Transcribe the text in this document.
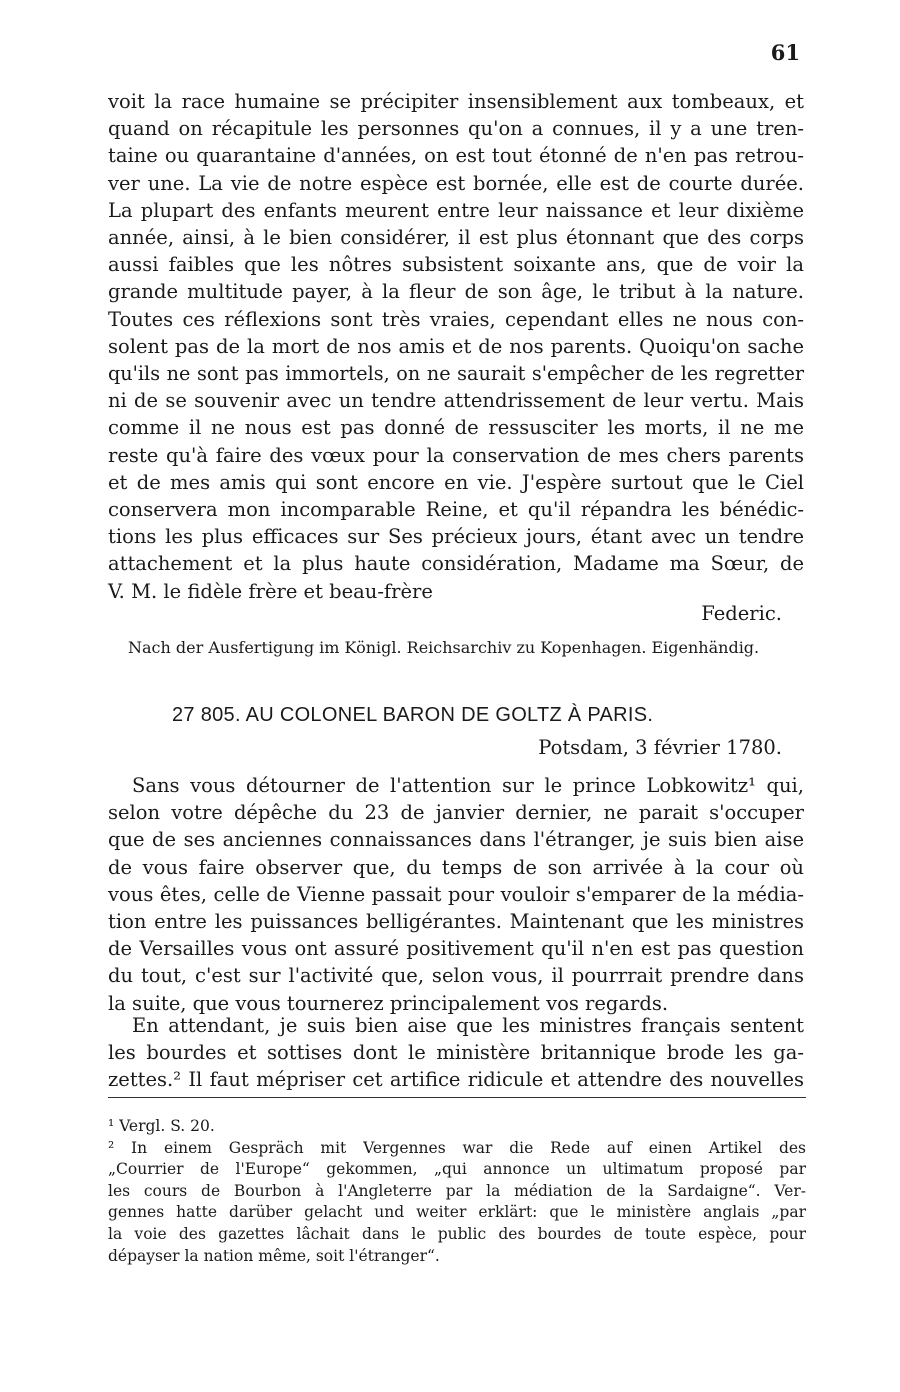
61
voit la race humaine se précipiter insensiblement aux tombeaux, et
quand on récapitule les personnes qu'on a connues, il y a une tren-
taine ou quarantaine d'années, on est tout étonné de n'en pas retrou-
ver une. La vie de notre espèce est bornée, elle est de courte durée.
La plupart des enfants meurent entre leur naissance et leur dixième
année, ainsi, à le bien considérer, il est plus étonnant que des corps
aussi faibles que les nôtres subsistent soixante ans, que de voir la
grande multitude payer, à la fleur de son âge, le tribut à la nature.
Toutes ces réflexions sont très vraies, cependant elles ne nous con-
solent pas de la mort de nos amis et de nos parents. Quoiqu'on sache
qu'ils ne sont pas immortels, on ne saurait s'empêcher de les regretter
ni de se souvenir avec un tendre attendrissement de leur vertu. Mais
comme il ne nous est pas donné de ressusciter les morts, il ne me
reste qu'à faire des vœux pour la conservation de mes chers parents
et de mes amis qui sont encore en vie. J'espère surtout que le Ciel
conservera mon incomparable Reine, et qu'il répandra les bénédic-
tions les plus efficaces sur Ses précieux jours, étant avec un tendre
attachement et la plus haute considération, Madame ma Sœur, de
V. M. le fidèle frère et beau-frère
Federic.
Nach der Ausfertigung im Königl. Reichsarchiv zu Kopenhagen. Eigenhändig.
27 805. AU COLONEL BARON DE GOLTZ À PARIS.
Potsdam, 3 février 1780.
Sans vous détourner de l'attention sur le prince Lobkowitz¹ qui,
selon votre dépêche du 23 de janvier dernier, ne parait s'occuper
que de ses anciennes connaissances dans l'étranger, je suis bien aise
de vous faire observer que, du temps de son arrivée à la cour où
vous êtes, celle de Vienne passait pour vouloir s'emparer de la média-
tion entre les puissances belligérantes. Maintenant que les ministres
de Versailles vous ont assuré positivement qu'il n'en est pas question
du tout, c'est sur l'activité que, selon vous, il pourrrait prendre dans
la suite, que vous tournerez principalement vos regards.
En attendant, je suis bien aise que les ministres français sentent
les bourdes et sottises dont le ministère britannique brode les ga-
zettes.² Il faut mépriser cet artifice ridicule et attendre des nouvelles
¹ Vergl. S. 20.
² In einem Gespräch mit Vergennes war die Rede auf einen Artikel des
„Courrier de l'Europe“ gekommen, „qui annonce un ultimatum proposé par
les cours de Bourbon à l'Angleterre par la médiation de la Sardaigne“. Ver-
gennes hatte darüber gelacht und weiter erklärt: que le ministère anglais „par
la voie des gazettes lâchait dans le public des bourdes de toute espèce, pour
dépayser la nation même, soit l'étranger“.
